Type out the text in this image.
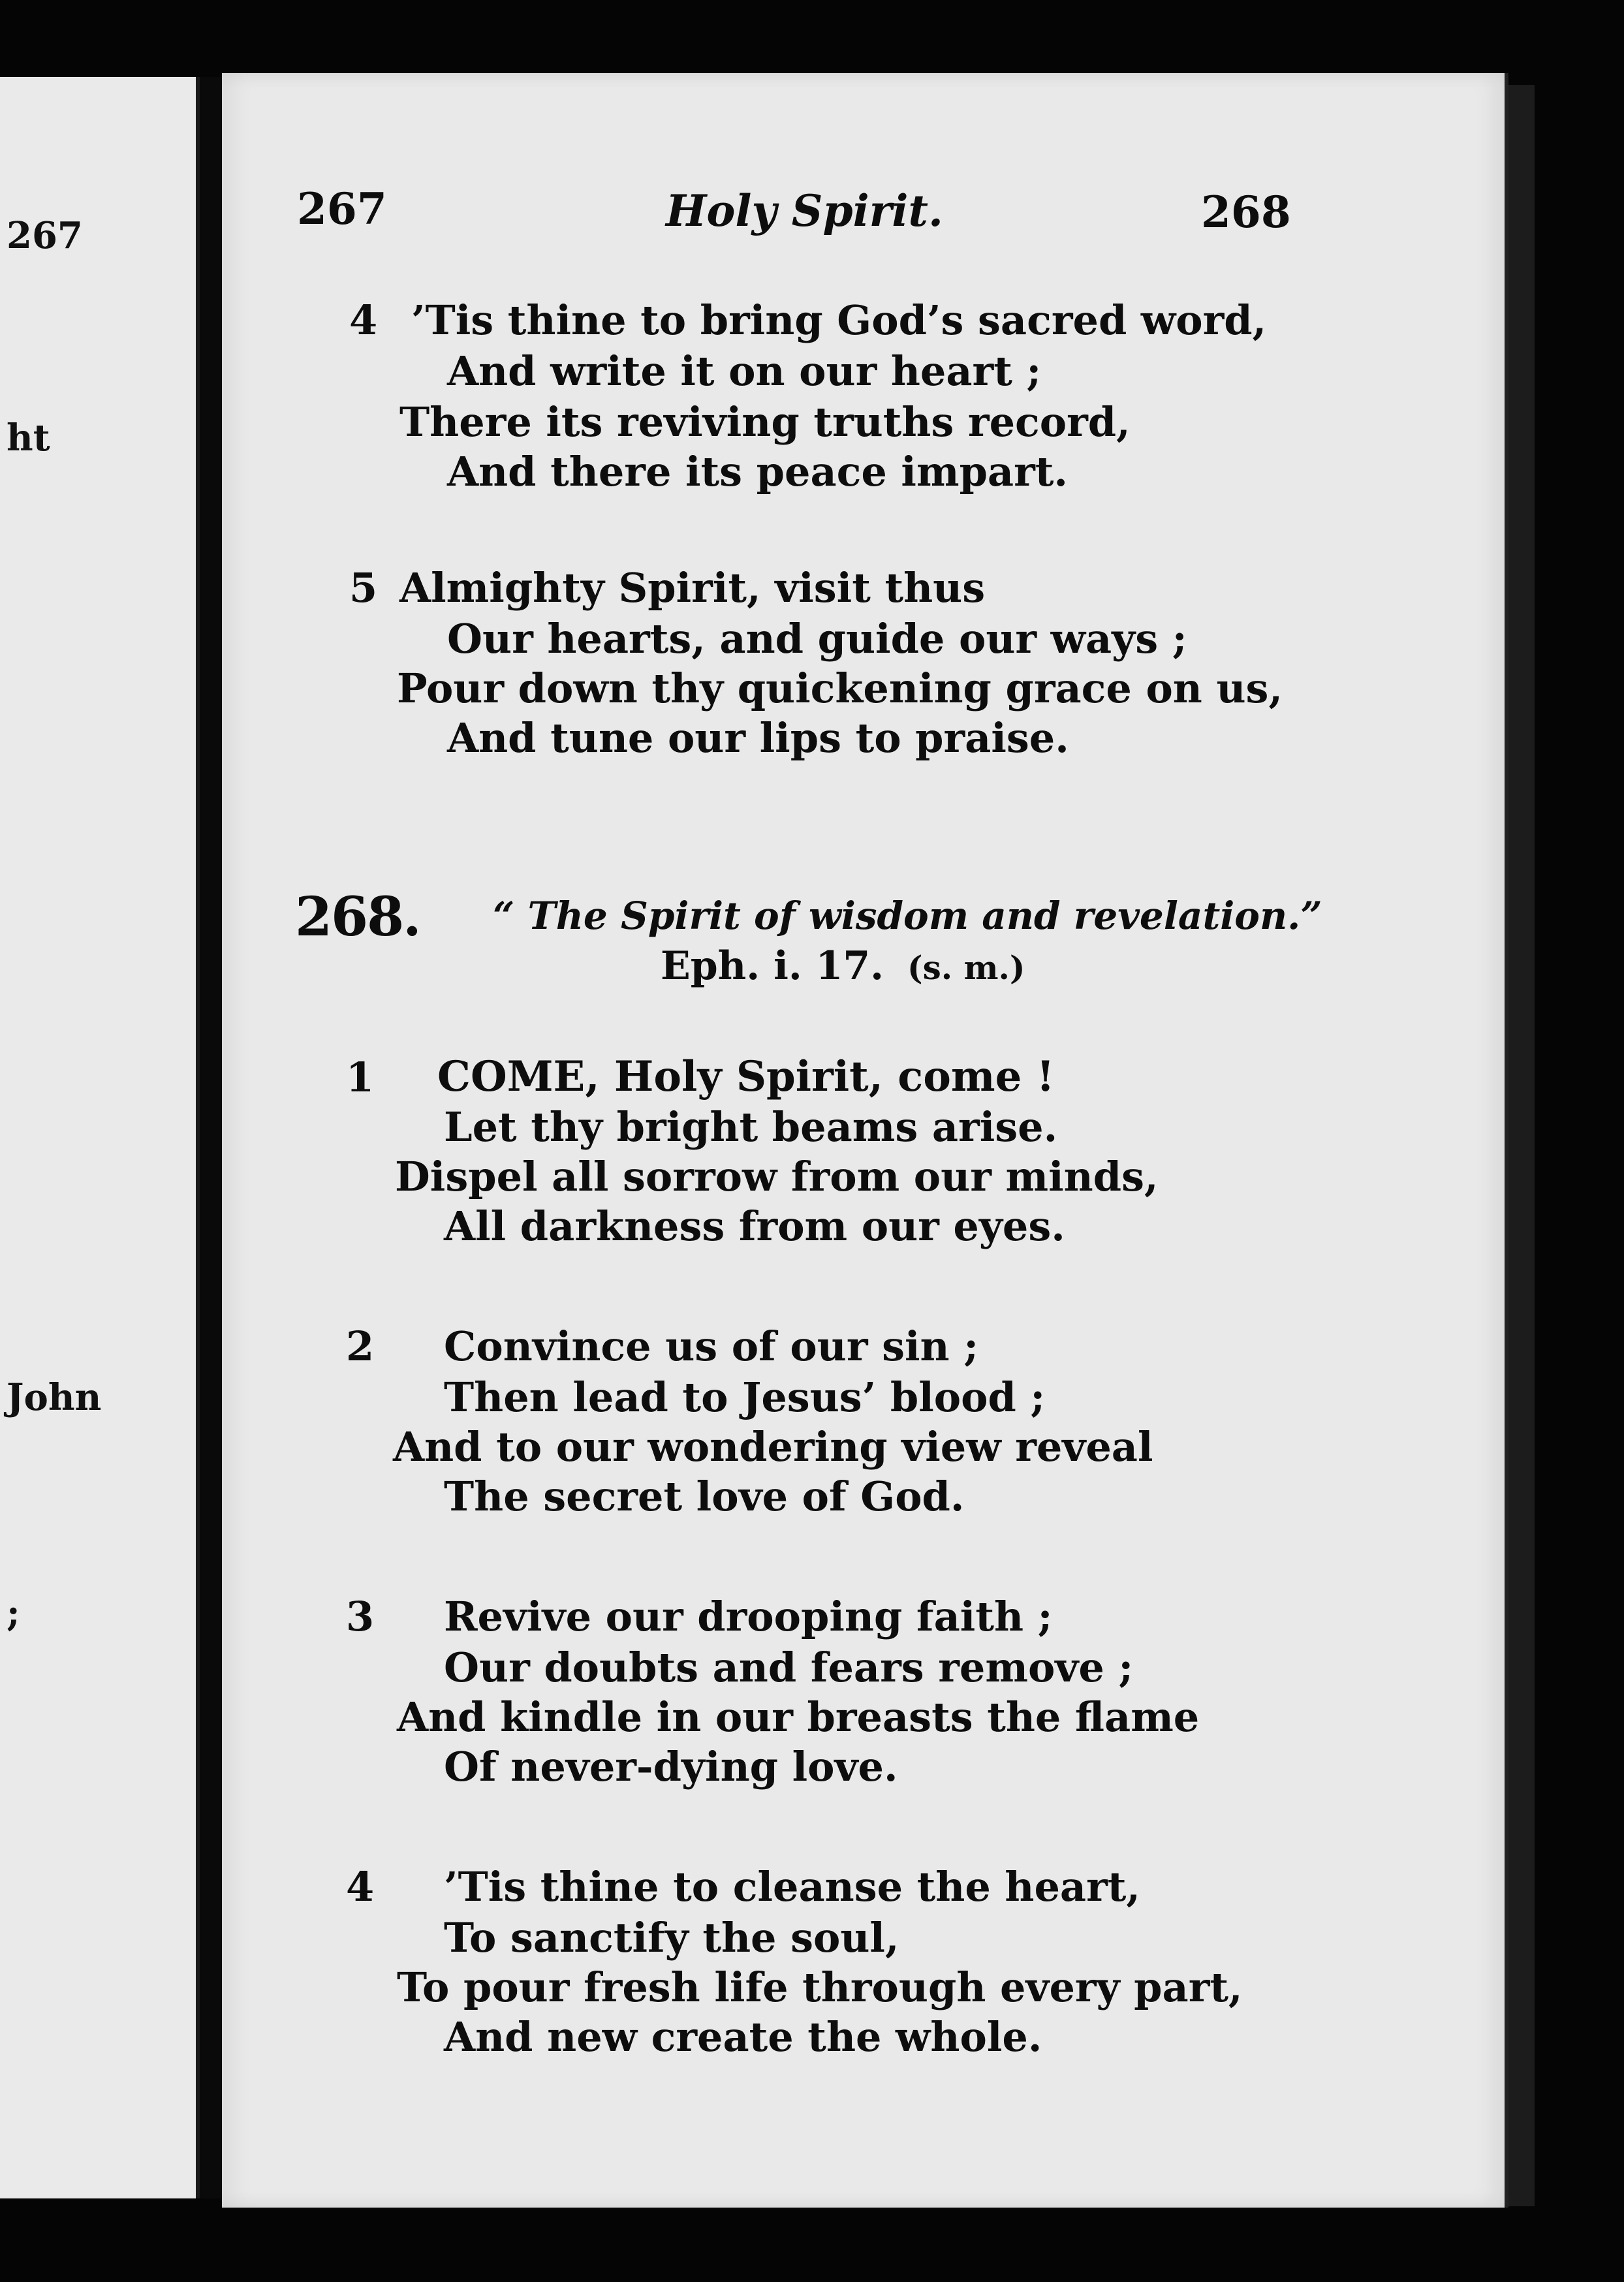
267
ht
John
;
267	Holy Spirit.	268
4 ’Tis thine to bring God’s sacred word,
And write it on our heart ;
There its reviving truths record,
And there its peace impart.
5 Almighty Spirit, visit thus
Our hearts, and guide our ways ;
Pour down thy quickening grace on us,
And tune our lips to praise.
268. “ The Spirit of wisdom and revelation.”
Eph. i. 17. (s. m.)
1 COME, Holy Spirit, come !
Let thy bright beams arise.
Dispel all sorrow from our minds,
All darkness from our eyes.
2 Convince us of our sin ;
Then lead to Jesus’ blood ;
And to our wondering view reveal
The secret love of God.
3 Revive our drooping faith ;
Our doubts and fears remove ;
And kindle in our breasts the flame
Of never-dying love.
4 ’Tis thine to cleanse the heart,
To sanctify the soul,
To pour fresh life through every part,
And new create the whole.
